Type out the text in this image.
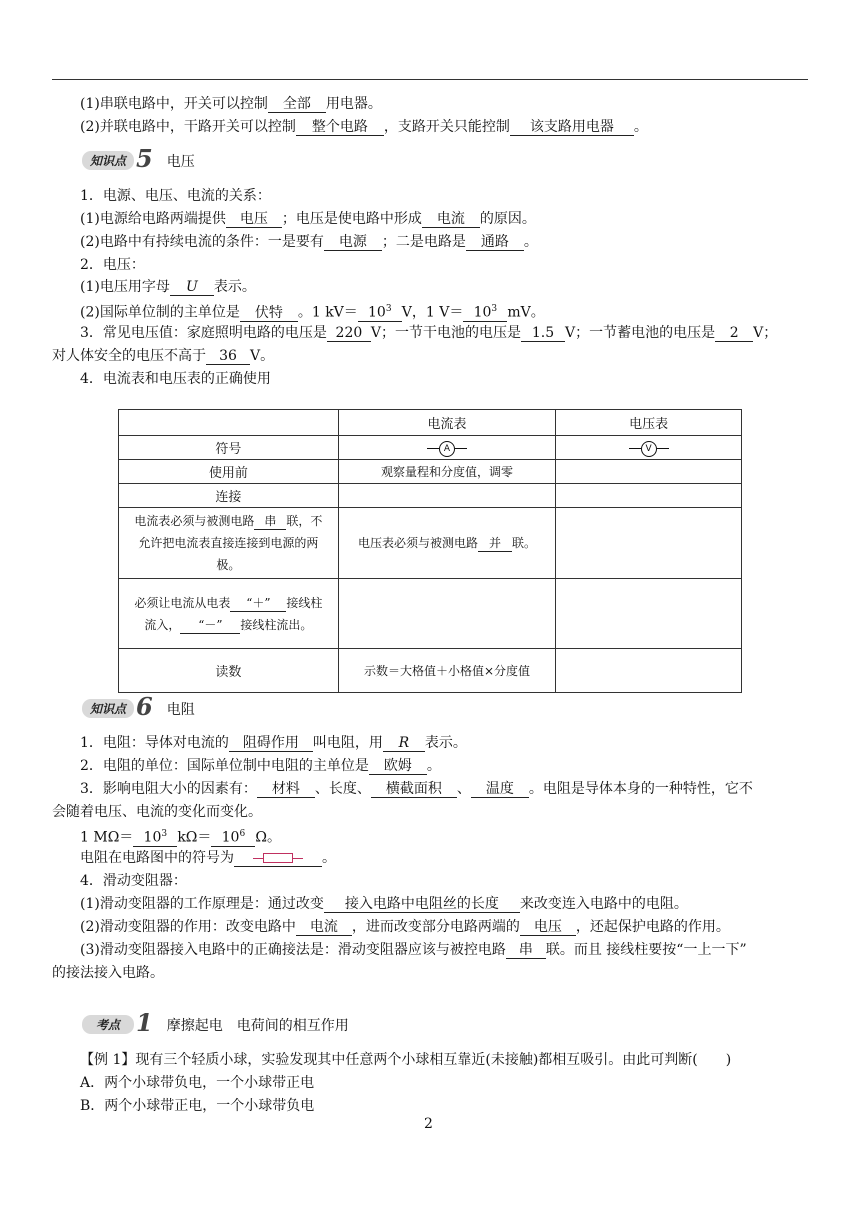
(1)串联电路中，开关可以控制 全部 用电器。
(2)并联电路中，干路开关可以控制 整个电路 ，支路开关只能控制 该支路用电器 。
知识点 5 电压
1．电源、电压、电流的关系：
(1)电源给电路两端提供 电压 ；电压是使电路中形成 电流 的原因。
(2)电路中有持续电流的条件：一是要有 电源 ；二是电路是 通路 。
2．电压：
(1)电压用字母 U 表示。
(2)国际单位制的主单位是 伏特 。1 $kV= 10^3$ V，1 $V= 10^3$ mV。
3．常见电压值：家庭照明电路的电压是 220 V；一节干电池的电压是 1.5 V；一节蓄电池的电压是 2 V；
对人体安全的电压不高于 36 V。
4．电流表和电压表的正确使用
	电流表	电压表
符号	A	V

使用前	观察量程和分度值，调零	
连接		
电流表必须与被测电路 串 联，不允许把电流表直接连接到电源的两极。	电压表必须与被测电路 并 联。	
必须让电流从电表 “＋” 接线柱流入， “－” 接线柱流出。		
读数	示数＝大格值＋小格值×分度值	
知识点 6 电阻
1．电阻：导体对电流的 阻碍作用 叫电阻，用 R 表示。
2．电阻的单位：国际单位制中电阻的主单位是 欧姆 。
3．影响电阻大小的因素有： 材料 、长度、 横截面积 、 温度 。电阻是导体本身的一种特性，它不
会随着电压、电流的变化而变化。
1 $M\Omega= 10^3$ $k\Omega= 10^6$ Ω。
电阻在电路图中的符号为	。
4．滑动变阻器：
(1)滑动变阻器的工作原理是：通过改变 接入电路中电阻丝的长度 来改变连入电路中的电阻。
(2)滑动变阻器的作用：改变电路中 电流 ，进而改变部分电路两端的 电压 ，还起保护电路的作用。
(3)滑动变阻器接入电路中的正确接法是：滑动变阻器应该与被控电路 串 联。而且 接线柱要按“一上一下”
的接法接入电路。
考点 1 摩擦起电　电荷间的相互作用
【例 1】现有三个轻质小球，实验发现其中任意两个小球相互靠近(未接触)都相互吸引。由此可判断(　　)
A．两个小球带负电，一个小球带正电
B．两个小球带正电，一个小球带负电
2
